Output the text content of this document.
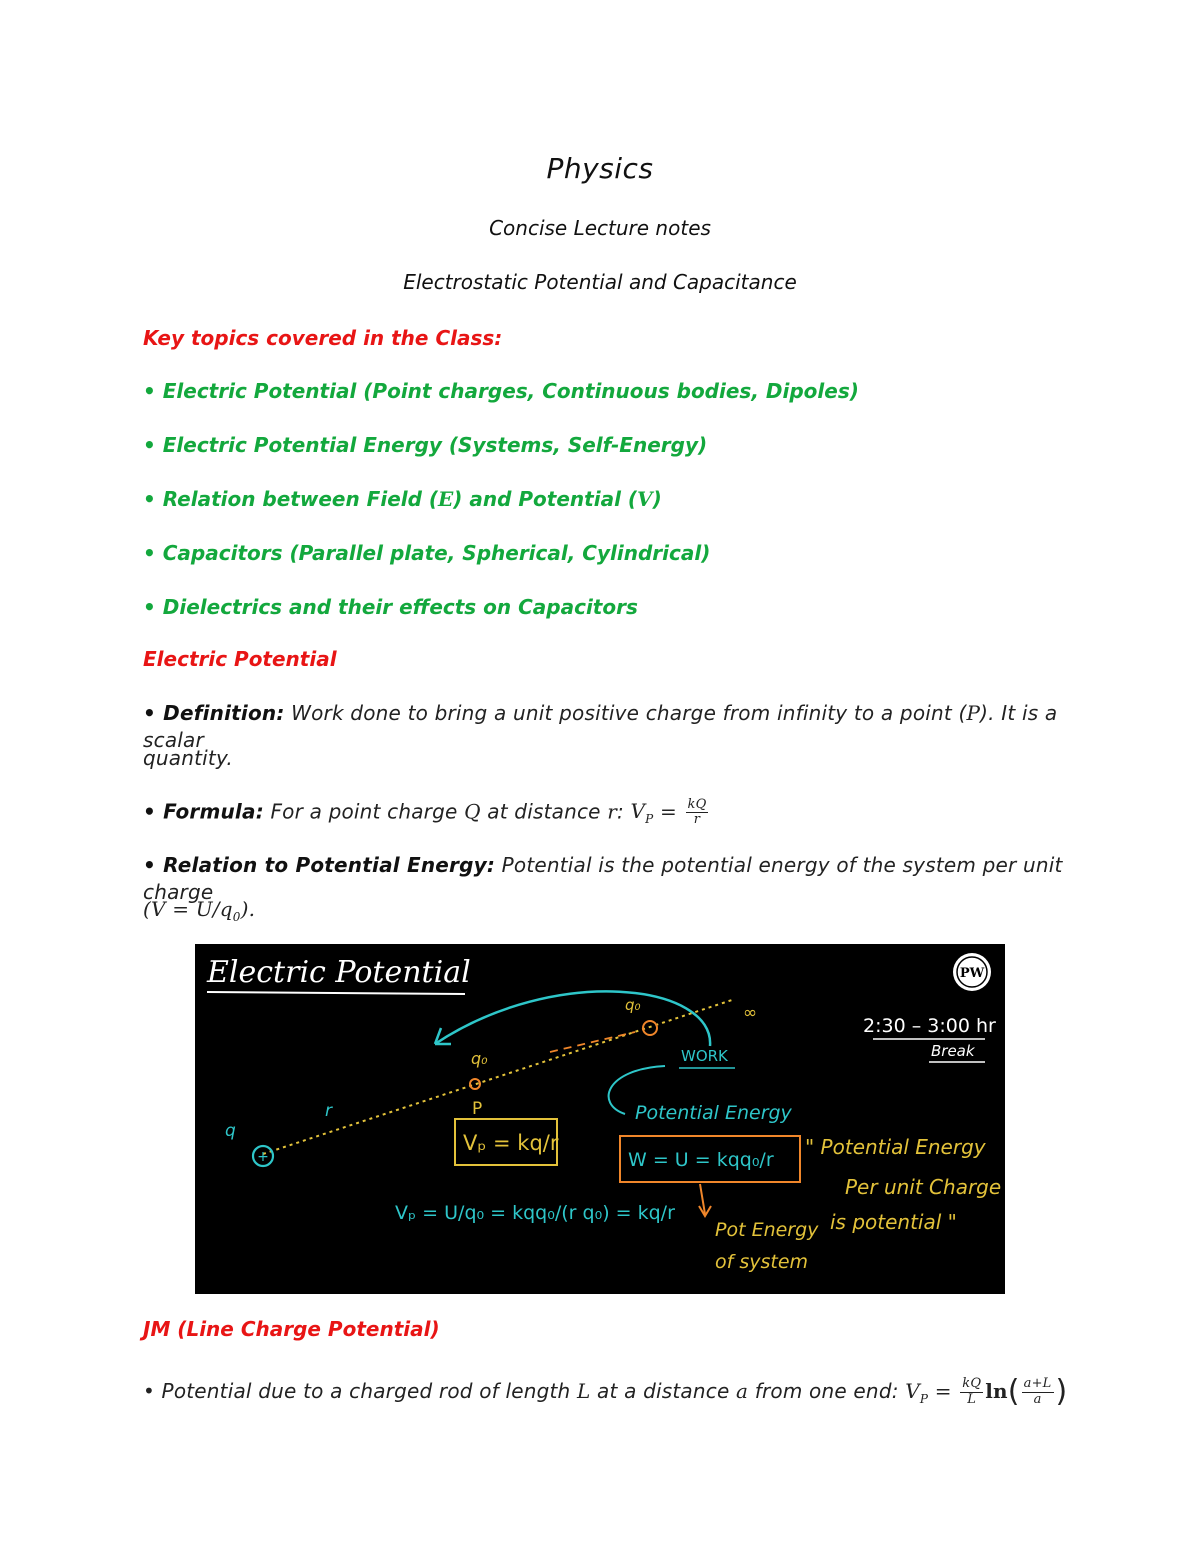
Physics
Concise Lecture notes
Electrostatic Potential and Capacitance
Key topics covered in the Class:
• Electric Potential (Point charges, Continuous bodies, Dipoles)
• Electric Potential Energy (Systems, Self-Energy)
• Relation between Field (E) and Potential (V)
• Capacitors (Parallel plate, Spherical, Cylindrical)
• Dielectrics and their effects on Capacitors
Electric Potential
• Definition: Work done to bring a unit positive charge from infinity to a point (P). It is a scalar
quantity.
• Formula: For a point charge Q at distance r: $V_P = \frac{kQ}{r}$
• Relation to Potential Energy: Potential is the potential energy of the system per unit charge
$(V = U/q_0)$.
Electric Potential	PW
2:30 – 3:00 hr
Break
+
q
r
q₀
P
q₀	∞
WORK
Potential Energy
Vₚ = kq/r
W = U = kqq₀/r
Vₚ = U/q₀ = kqq₀/(r q₀) = kq/r
" Potential Energy
Per unit Charge
is potential "
Pot Energy
of system
JM (Line Charge Potential)
• Potential due to a charged rod of length L at a distance a from one end: $V_P = \frac{kQ}{L} \ln( \frac{a+L}{a}$ )
